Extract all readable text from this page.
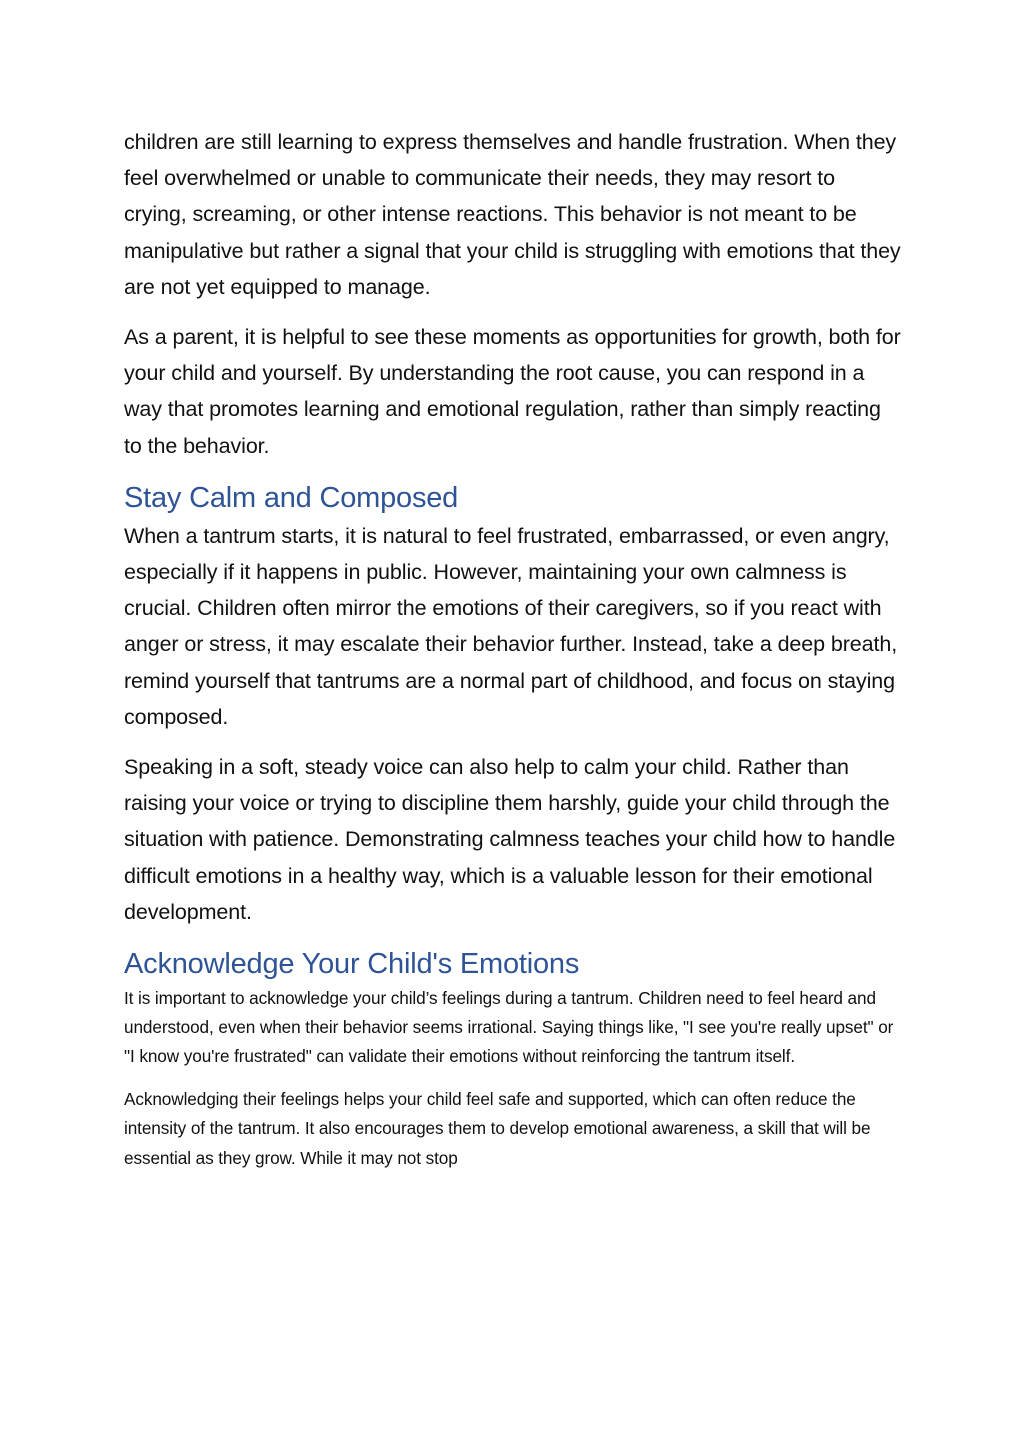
children are still learning to express themselves and handle frustration. When they feel overwhelmed or unable to communicate their needs, they may resort to crying, screaming, or other intense reactions. This behavior is not meant to be manipulative but rather a signal that your child is struggling with emotions that they are not yet equipped to manage.

As a parent, it is helpful to see these moments as opportunities for growth, both for your child and yourself. By understanding the root cause, you can respond in a way that promotes learning and emotional regulation, rather than simply reacting to the behavior.

Stay Calm and Composed

When a tantrum starts, it is natural to feel frustrated, embarrassed, or even angry, especially if it happens in public. However, maintaining your own calmness is crucial. Children often mirror the emotions of their caregivers, so if you react with anger or stress, it may escalate their behavior further. Instead, take a deep breath, remind yourself that tantrums are a normal part of childhood, and focus on staying composed.

Speaking in a soft, steady voice can also help to calm your child. Rather than raising your voice or trying to discipline them harshly, guide your child through the situation with patience. Demonstrating calmness teaches your child how to handle difficult emotions in a healthy way, which is a valuable lesson for their emotional development.

Acknowledge Your Child's Emotions

It is important to acknowledge your child’s feelings during a tantrum. Children need to feel heard and understood, even when their behavior seems irrational. Saying things like, "I see you're really upset" or "I know you're frustrated" can validate their emotions without reinforcing the tantrum itself.

Acknowledging their feelings helps your child feel safe and supported, which can often reduce the intensity of the tantrum. It also encourages them to develop emotional awareness, a skill that will be essential as they grow. While it may not stop
